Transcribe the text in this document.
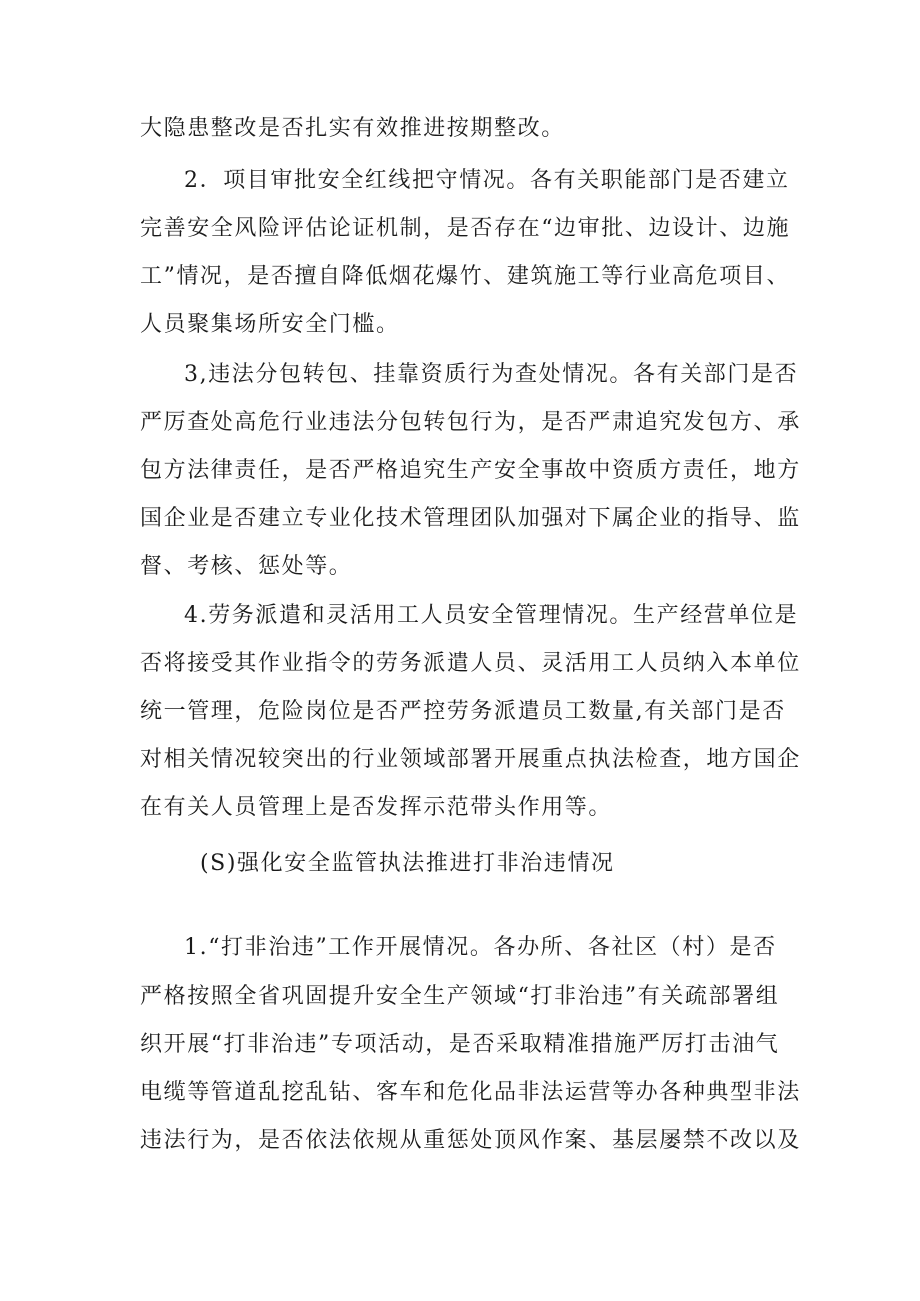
大隐患整改是否扎实有效推进按期整改。
2．项目审批安全红线把守情况。各有关职能部门是否建立
完善安全风险评估论证机制，是否存在“边审批、边设计、边施
工”情况，是否擅自降低烟花爆竹、建筑施工等行业高危项目、
人员聚集场所安全门槛。
3,违法分包转包、挂靠资质行为查处情况。各有关部门是否
严厉查处高危行业违法分包转包行为，是否严肃追究发包方、承
包方法律责任，是否严格追究生产安全事故中资质方责任，地方
国企业是否建立专业化技术管理团队加强对下属企业的指导、监
督、考核、惩处等。
4.劳务派遣和灵活用工人员安全管理情况。生产经营单位是
否将接受其作业指令的劳务派遣人员、灵活用工人员纳入本单位
统一管理，危险岗位是否严控劳务派遣员工数量,有关部门是否
对相关情况较突出的行业领域部署开展重点执法检查，地方国企
在有关人员管理上是否发挥示范带头作用等。
(S)强化安全监管执法推进打非治违情况
1.“打非治违”工作开展情况。各办所、各社区（村）是否
严格按照全省巩固提升安全生产领域“打非治违”有关疏部署组
织开展“打非治违”专项活动，是否采取精准措施严厉打击油气
电缆等管道乱挖乱钻、客车和危化品非法运营等办各种典型非法
违法行为，是否依法依规从重惩处顶风作案、基层屡禁不改以及
